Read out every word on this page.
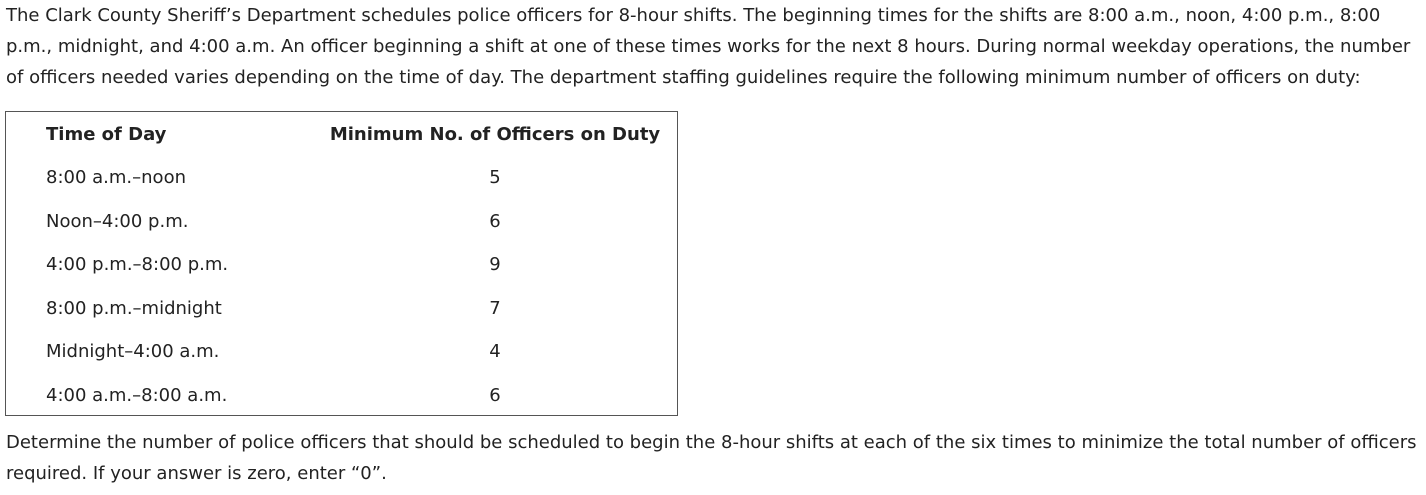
The Clark County Sheriff’s Department schedules police officers for 8-hour shifts. The beginning times for the shifts are 8:00 a.m., noon, 4:00 p.m., 8:00 p.m., midnight, and 4:00 a.m. An officer beginning a shift at one of these times works for the next 8 hours. During normal weekday operations, the number of officers needed varies depending on the time of day. The department staffing guidelines require the following minimum number of officers on duty:

Time of Day	Minimum No. of Officers on Duty
8:00 a.m.–noon	5
Noon–4:00 p.m.	6
4:00 p.m.–8:00 p.m.	9
8:00 p.m.–midnight	7
Midnight–4:00 a.m.	4
4:00 a.m.–8:00 a.m.	6

Determine the number of police officers that should be scheduled to begin the 8-hour shifts at each of the six times to minimize the total number of officers required. If your answer is zero, enter “0”.
